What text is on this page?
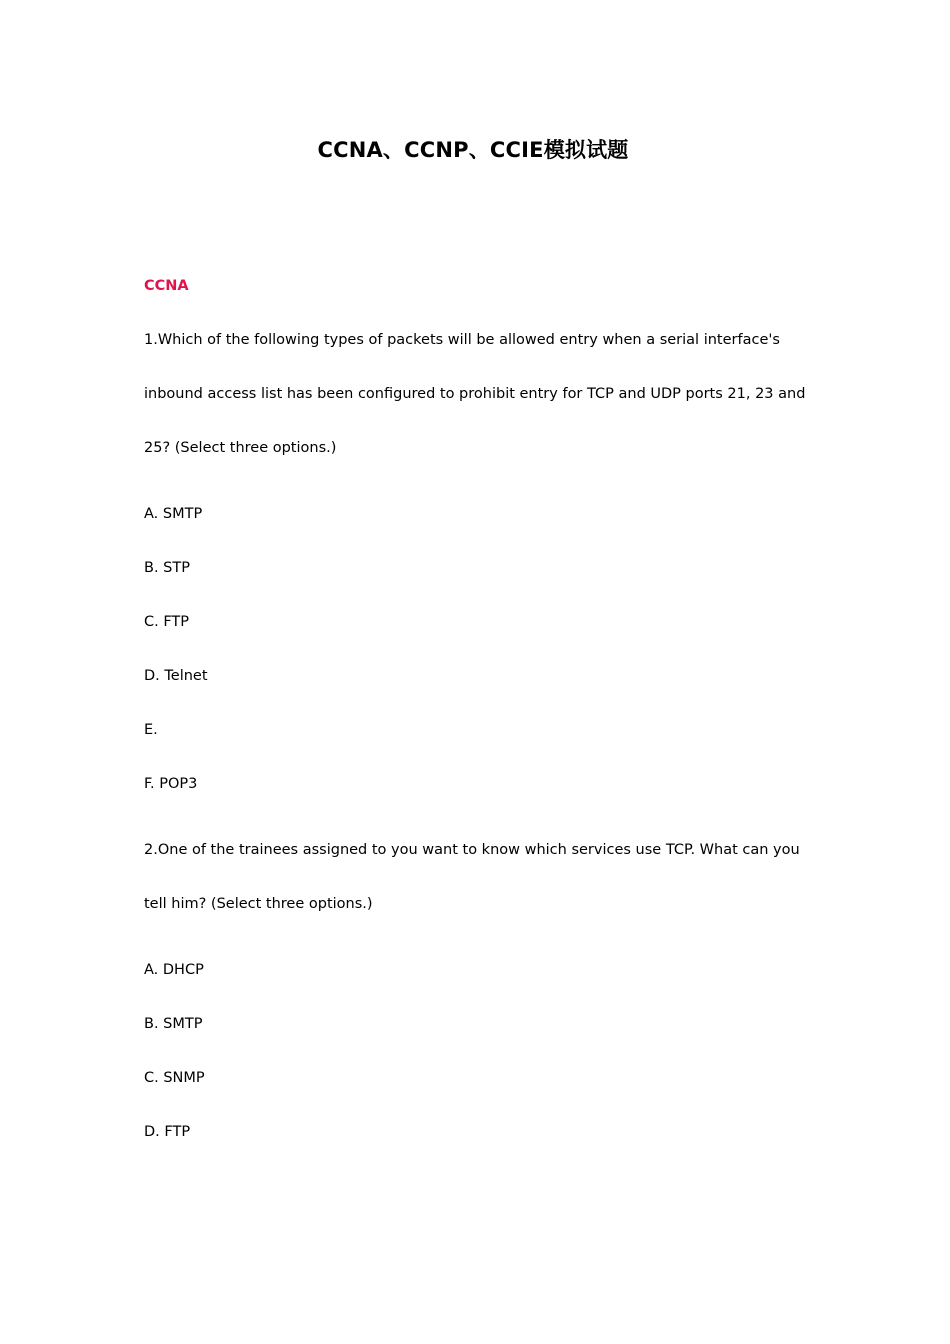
CCNA、CCNP、CCIE模拟试题
CCNA
1.Which of the following types of packets will be allowed entry when a serial interface's
inbound access list has been configured to prohibit entry for TCP and UDP ports 21, 23 and
25? (Select three options.)
A. SMTP
B. STP
C. FTP
D. Telnet
E.
F. POP3
2.One of the trainees assigned to you want to know which services use TCP. What can you
tell him? (Select three options.)
A. DHCP
B. SMTP
C. SNMP
D. FTP
